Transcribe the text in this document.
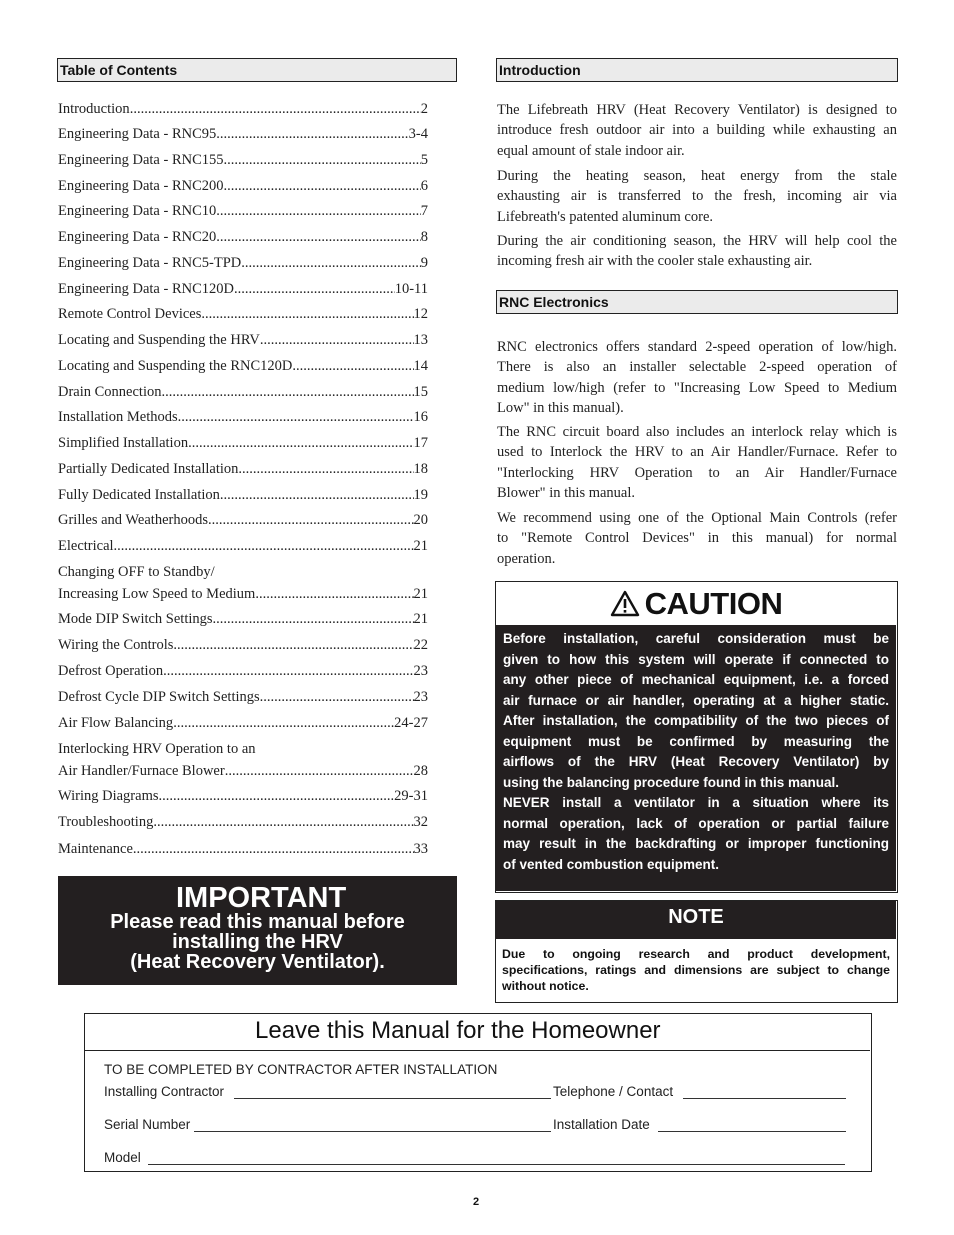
Table of Contents
Introduction .....	2
Engineering Data - RNC95 .....	3-4
Engineering Data - RNC155 .....	5
Engineering Data - RNC200 .....	6
Engineering Data - RNC10 .....	7
Engineering Data - RNC20 .....	8
Engineering Data - RNC5-TPD .....	9
Engineering Data - RNC120D .....	10-11
Remote Control Devices .....	12
Locating and Suspending the HRV .....	13
Locating and Suspending the RNC120D .....	14
Drain Connection .....	15
Installation Methods .....	16
Simplified Installation .....	17
Partially Dedicated Installation .....	18
Fully Dedicated Installation .....	19
Grilles and Weatherhoods .....	20
Electrical .....	21
Changing OFF to Standby/
Increasing Low Speed to Medium .....	21
Mode DIP Switch Settings .....	21
Wiring the Controls .....	22
Defrost Operation .....	23
Defrost Cycle DIP Switch Settings .....	23
Air Flow Balancing .....	24-27
Interlocking HRV Operation to an
Air Handler/Furnace Blower .....	28
Wiring Diagrams .....	29-31
Troubleshooting .....	32
Maintenance .....	33
IMPORTANT
Please read this manual before
installing the HRV
(Heat Recovery Ventilator).
Introduction
The Lifebreath HRV (Heat Recovery Ventilator) is designed to
introduce fresh outdoor air into a building while exhausting an
equal amount of stale indoor air.
During the heating season, heat energy from the stale
exhausting air is transferred to the fresh, incoming air via
Lifebreath's patented aluminum core.
During the air conditioning season, the HRV will help cool the
incoming fresh air with the cooler stale exhausting air.
RNC Electronics
RNC electronics offers standard 2-speed operation of low/high.
There is also an installer selectable 2-speed operation of
medium low/high (refer to "Increasing Low Speed to Medium
Low" in this manual).
The RNC circuit board also includes an interlock relay which is
used to Interlock the HRV to an Air Handler/Furnace. Refer to
"Interlocking HRV Operation to an Air Handler/Furnace
Blower" in this manual.
We recommend using one of the Optional Main Controls (refer
to "Remote Control Devices" in this manual) for normal
operation.
CAUTION
Before installation, careful consideration must be
given to how this system will operate if connected to
any other piece of mechanical equipment, i.e. a forced
air furnace or air handler, operating at a higher static.
After installation, the compatibility of the two pieces of
equipment must be confirmed by measuring the
airflows of the HRV (Heat Recovery Ventilator) by
using the balancing procedure found in this manual.
NEVER install a ventilator in a situation where its
normal operation, lack of operation or partial failure
may result in the backdrafting or improper functioning
of vented combustion equipment.
NOTE
Due to ongoing research and product development,
specifications, ratings and dimensions are subject to change
without notice.
Leave this Manual for the Homeowner
TO BE COMPLETED BY CONTRACTOR AFTER INSTALLATION
Installing Contractor	Telephone / Contact
Serial Number	Installation Date
Model
2
